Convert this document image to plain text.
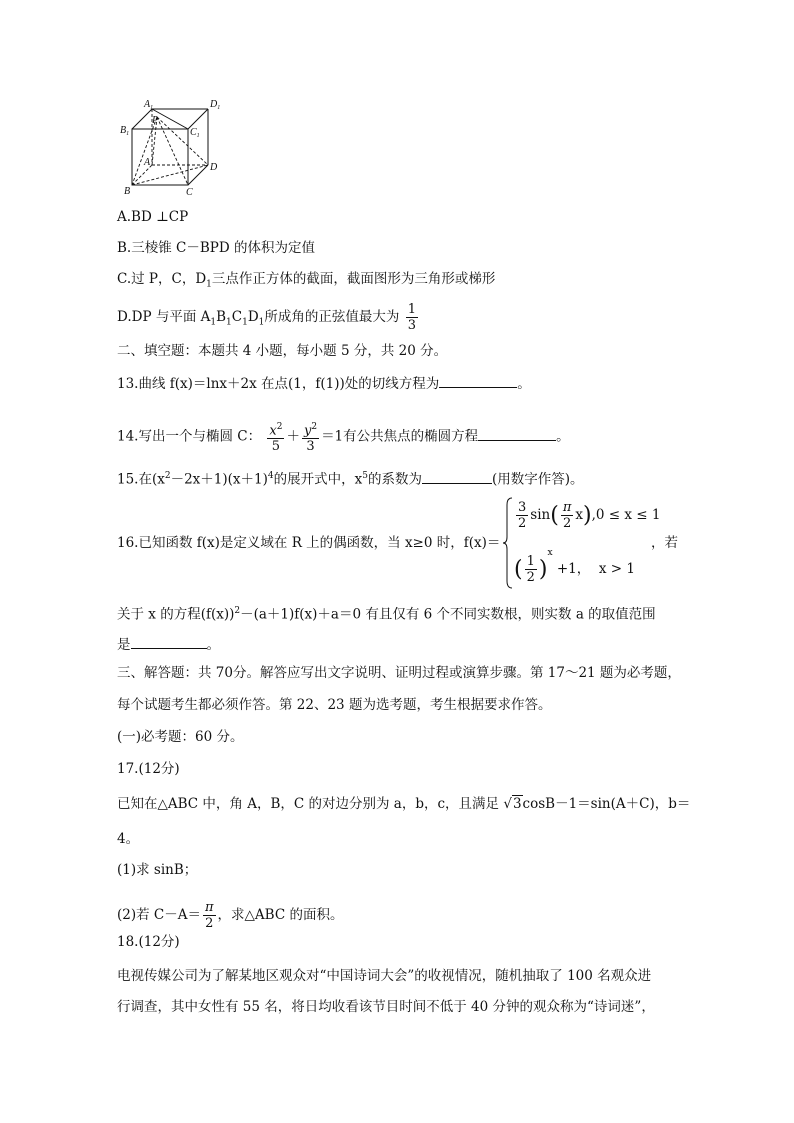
$A_1$	$D_1$
$B_1$
P
$C_1$
A	D
B	C
A.BD ⊥CP
B.三棱锥 C－BPD 的体积为定值
C.过 P，C，$D_1$三点作正方体的截面，截面图形为三角形或梯形
D.DP 与平面 $A_1B_1C_1D_1$所成角的正弦值最大为 $\frac{1}{3}$
二、填空题：本题共 4 小题，每小题 5 分，共 20 分。
13.曲线 f(x)＝lnx＋2x 在点(1，f(1))处的切线方程为	。
14.写出一个与椭圆 C： $\frac{x^2}{5} + \frac{y^2}{3} =1$有公共焦点的椭圆方程	。
15.在$(x^2-2x+1)(x+1)^4$的展开式中，$x^5$的系数为	(用数字作答)。
16.已知函数 f(x)是定义域在 R 上的偶函数，当 x≥0 时，f(x)＝
$\frac{3}{2} \sin( \frac{\pi}{2} x),0 \le x \le 1$
( $\frac{1}{2} )^x +1$， x > 1
，若
关于 x 的方程$(f(x))^2-(a+1)f(x)+a=0$ 有且仅有 6 个不同实数根，则实数 a 的取值范围
是	。
三、解答题：共 70分。解答应写出文字说明、证明过程或演算步骤。第 17～21 题为必考题，
每个试题考生都必须作答。第 22、23 题为选考题，考生根据要求作答。
(一)必考题：60 分。
17.(12分)
已知在△ABC 中，角 A，B，C 的对边分别为 a，b，c，且满足 √3cosB－1＝sin(A＋C)，b＝
4。
(1)求 sinB；
(2)若 $C-A= \frac{\pi}{2}$ ，求△ABC 的面积。
18.(12分)
电视传媒公司为了解某地区观众对“中国诗词大会”的收视情况，随机抽取了 100 名观众进
行调查，其中女性有 55 名，将日均收看该节目时间不低于 40 分钟的观众称为“诗词迷”，
